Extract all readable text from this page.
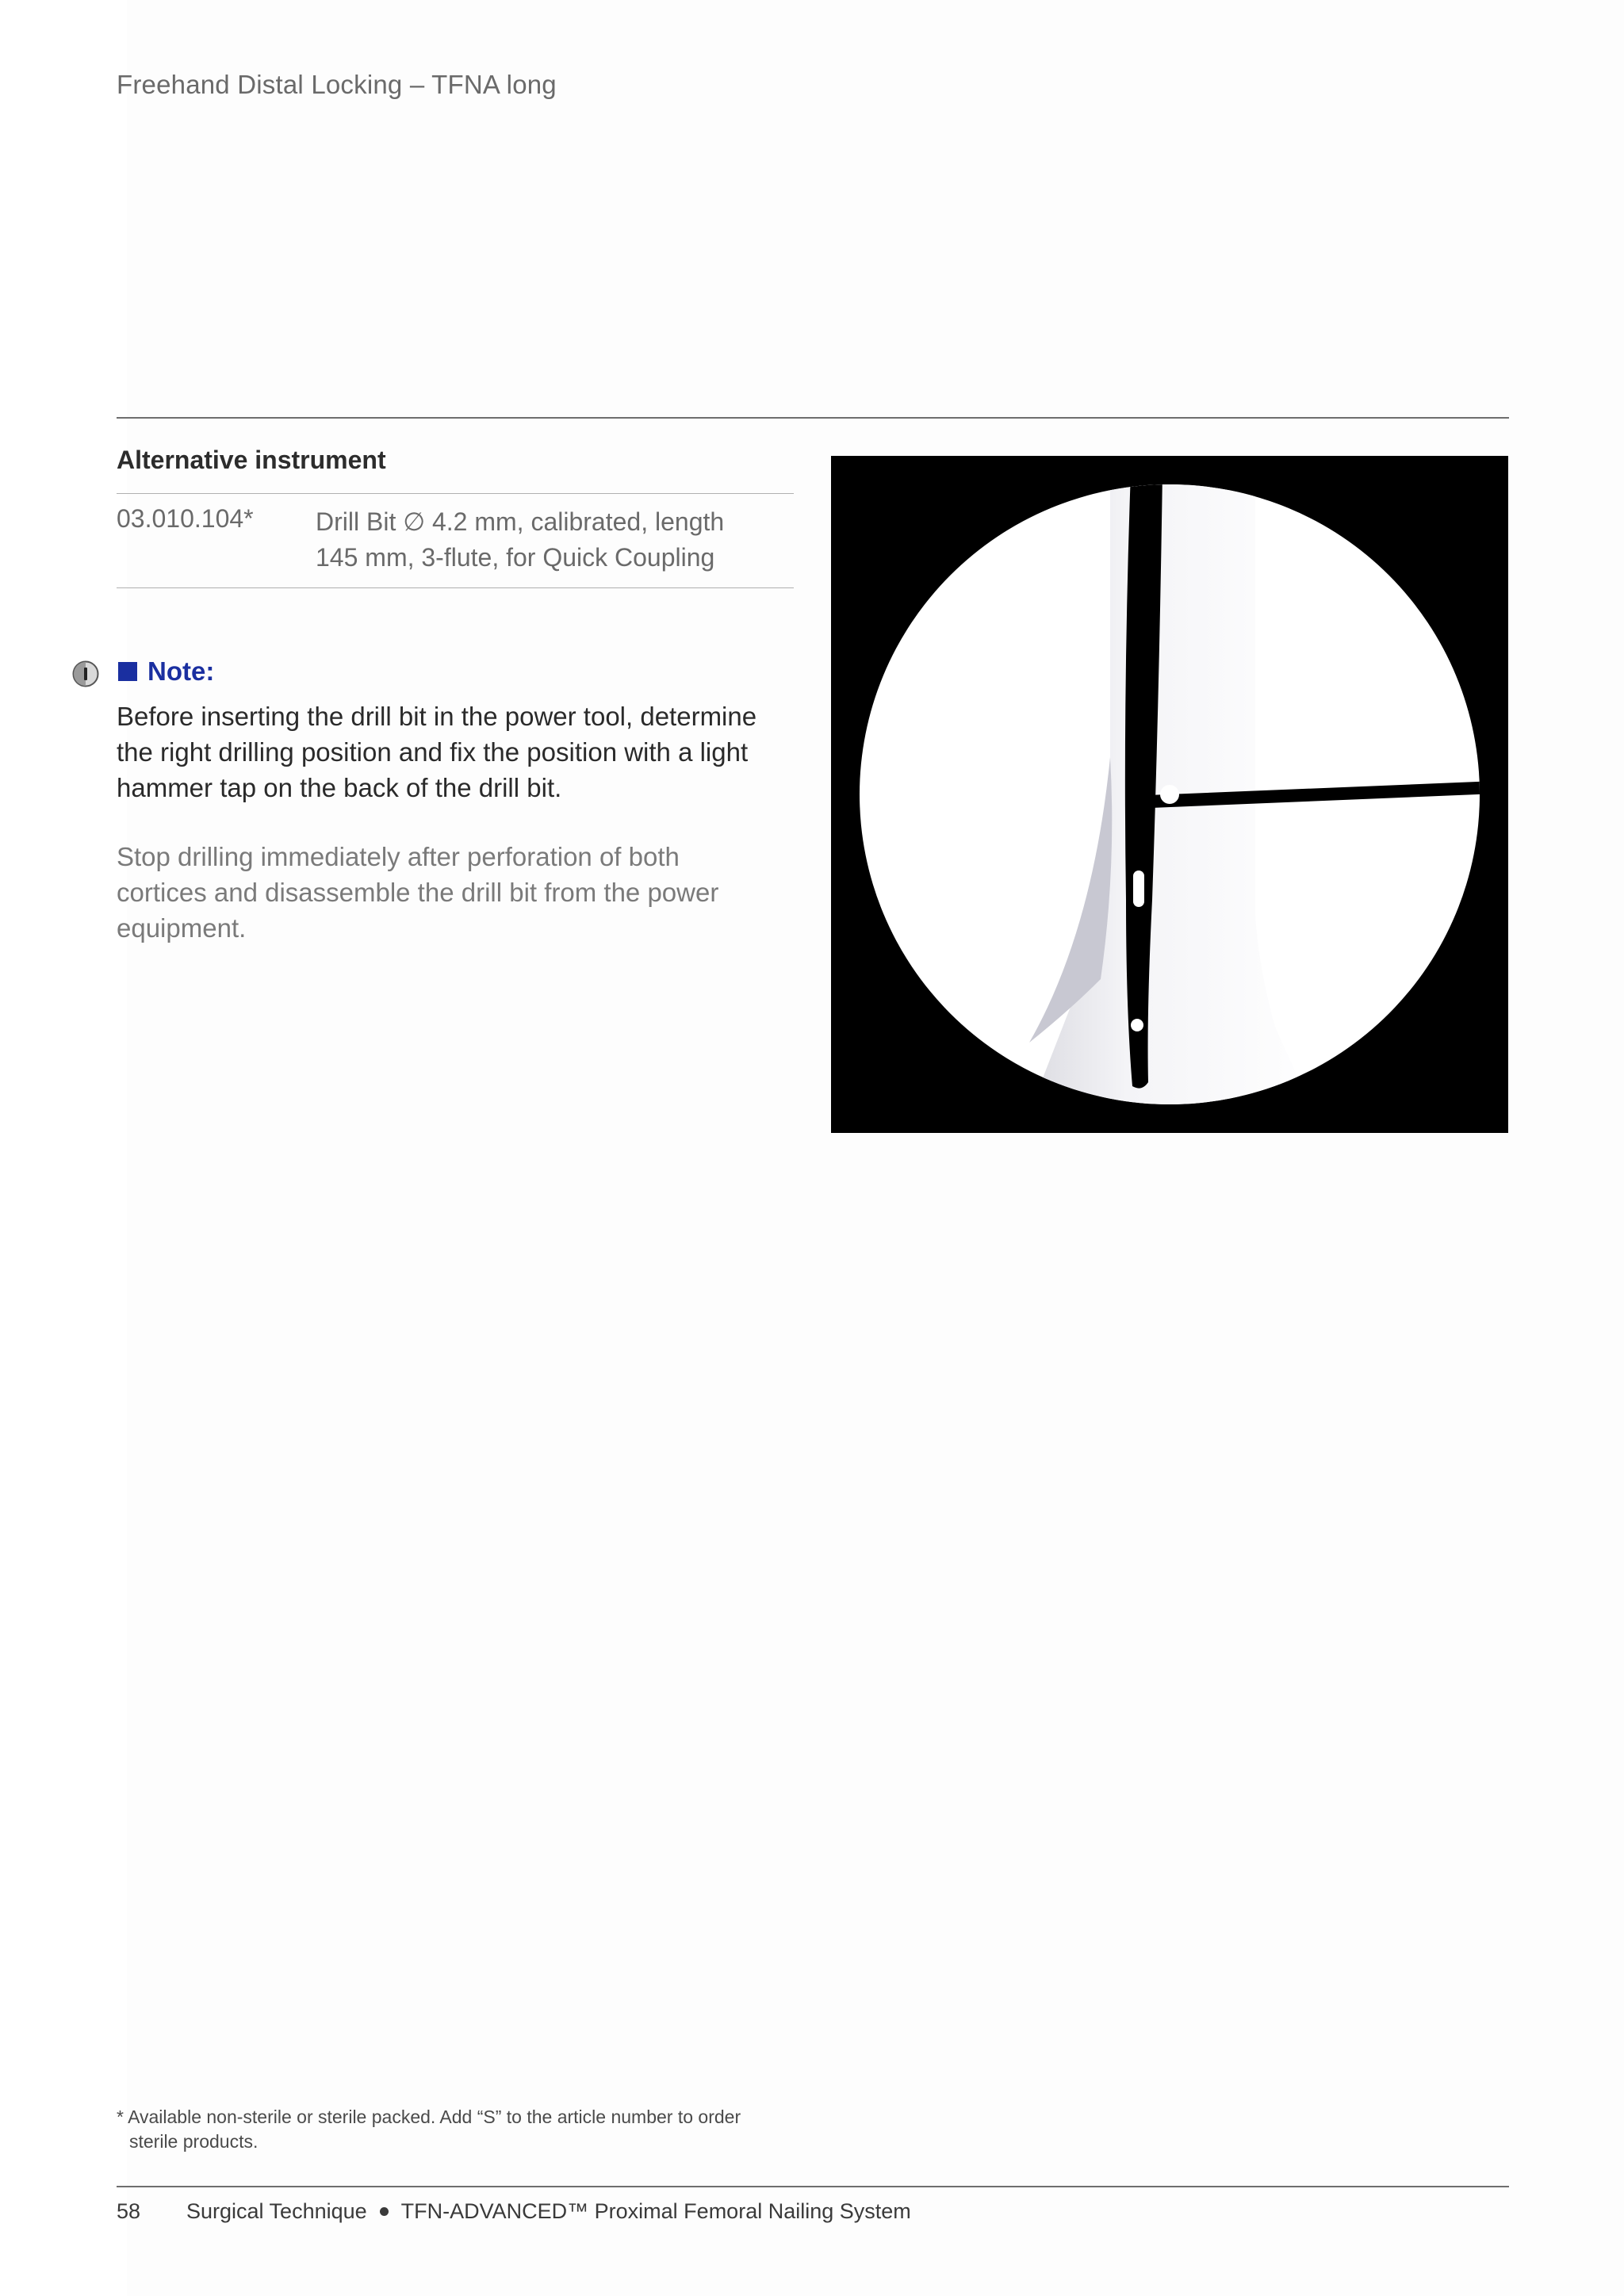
Freehand Distal Locking – TFNA long
Alternative instrument
03.010.104* Drill Bit ∅ 4.2 mm, calibrated, length
145 mm, 3-flute, for Quick Coupling
Note:
Before inserting the drill bit in the power tool, determine
the right drilling position and fix the position with a light
hammer tap on the back of the drill bit.
Stop drilling immediately after perforation of both
cortices and disassemble the drill bit from the power
equipment.
* Available non-sterile or sterile packed. Add “S” to the article number to order
sterile products.
58	Surgical Technique TFN-ADVANCED™ Proximal Femoral Nailing System
